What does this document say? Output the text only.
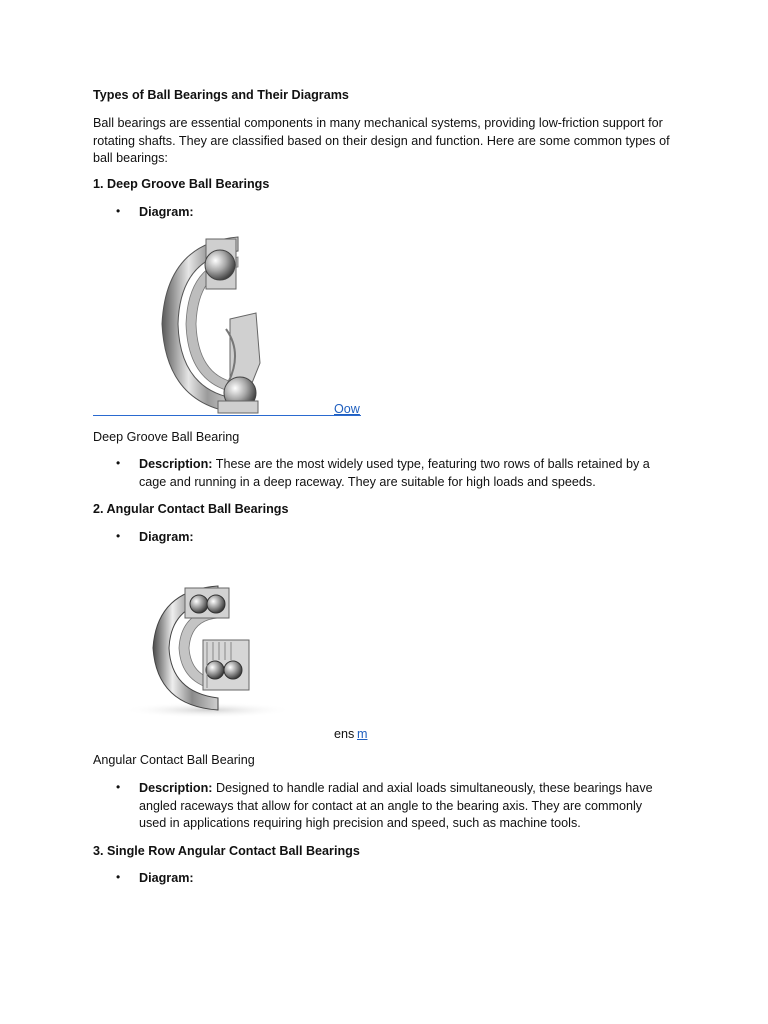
Types of Ball Bearings and Their Diagrams
Ball bearings are essential components in many mechanical systems, providing low-friction support for rotating shafts. They are classified based on their design and function. Here are some common types of ball bearings:
1. Deep Groove Ball Bearings
• Diagram:
Oow
Deep Groove Ball Bearing
• Description: These are the most widely used type, featuring two rows of balls retained by a cage and running in a deep raceway. They are suitable for high loads and speeds.
2. Angular Contact Ball Bearings
• Diagram:
ens m
Angular Contact Ball Bearing
• Description: Designed to handle radial and axial loads simultaneously, these bearings have angled raceways that allow for contact at an angle to the bearing axis. They are commonly used in applications requiring high precision and speed, such as machine tools.
3. Single Row Angular Contact Ball Bearings
• Diagram:
